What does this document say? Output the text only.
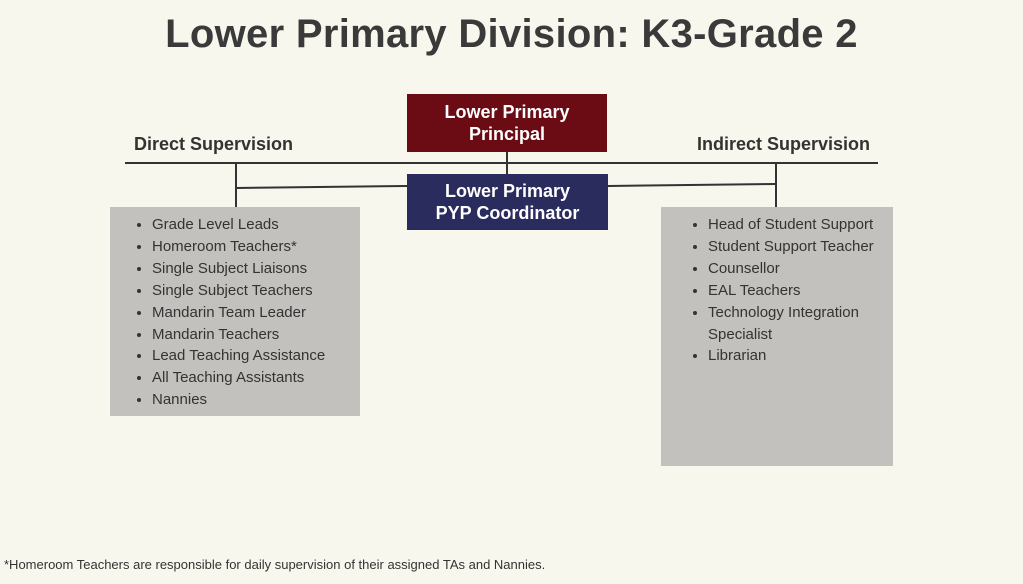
Lower Primary Division: K3-Grade 2
Direct Supervision	Indirect Supervision
Lower Primary
Principal
Lower Primary
PYP Coordinator
• Grade Level Leads
• Homeroom Teachers*
• Single Subject Liaisons
• Single Subject Teachers
• Mandarin Team Leader
• Mandarin Teachers
• Lead Teaching Assistance
• All Teaching Assistants
• Nannies
• Head of Student Support
• Student Support Teacher
• Counsellor
• EAL Teachers
• Technology Integration Specialist
• Librarian
*Homeroom Teachers are responsible for daily supervision of their assigned TAs and Nannies.
